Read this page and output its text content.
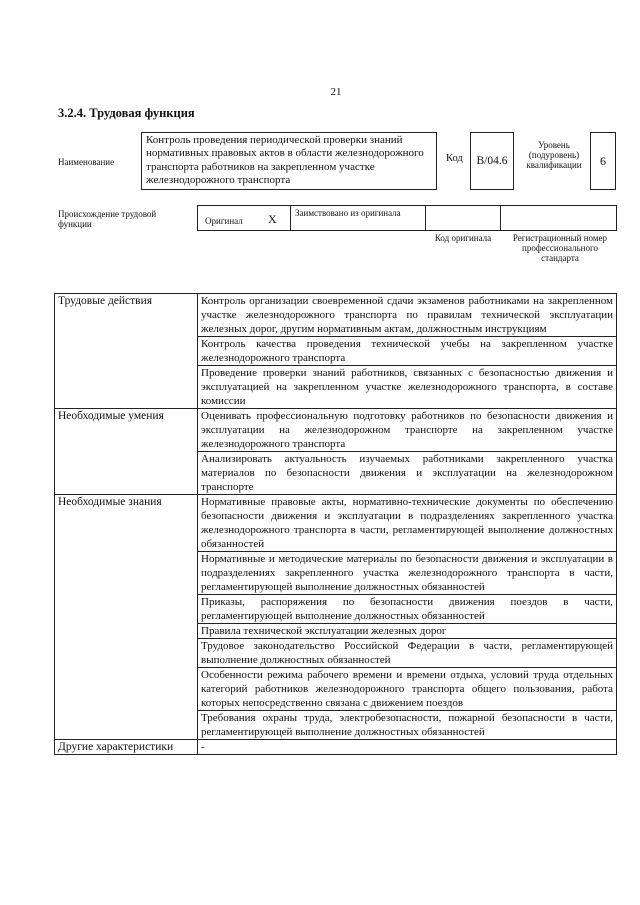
21
3.2.4. Трудовая функция
Наименование
Контроль проведения периодической проверки знаний нормативных правовых актов в области железнодорожного транспорта работников на закрепленном участке железнодорожного транспорта
Код В/04.6
Уровень (подуровень) квалификации	6
Происхождение трудовой функции	Оригинал X Заимствовано из оригинала
Код оригинала	Регистрационный номер профессионального стандарта
Трудовые действия	Контроль организации своевременной сдачи экзаменов работниками на закрепленном участке железнодорожного транспорта по правилам технической эксплуатации железных дорог, другим нормативным актам, должностным инструкциям
	Контроль качества проведения технической учебы на закрепленном участке железнодорожного транспорта
	Проведение проверки знаний работников, связанных с безопасностью движения и эксплуатацией на закрепленном участке железнодорожного транспорта, в составе комиссии
Необходимые умения	Оценивать профессиональную подготовку работников по безопасности движения и эксплуатации на железнодорожном транспорте на закрепленном участке железнодорожного транспорта
	Анализировать актуальность изучаемых работниками закрепленного участка материалов по безопасности движения и эксплуатации на железнодорожном транспорте
Необходимые знания	Нормативные правовые акты, нормативно-технические документы по обеспечению безопасности движения и эксплуатации в подразделениях закрепленного участка железнодорожного транспорта в части, регламентирующей выполнение должностных обязанностей
	Нормативные и методические материалы по безопасности движения и эксплуатации в подразделениях закрепленного участка железнодорожного транспорта в части, регламентирующей выполнение должностных обязанностей
	Приказы, распоряжения по безопасности движения поездов в части, регламентирующей выполнение должностных обязанностей
	Правила технической эксплуатации железных дорог
	Трудовое законодательство Российской Федерации в части, регламентирующей выполнение должностных обязанностей
	Особенности режима рабочего времени и времени отдыха, условий труда отдельных категорий работников железнодорожного транспорта общего пользования, работа которых непосредственно связана с движением поездов
	Требования охраны труда, электробезопасности, пожарной безопасности в части, регламентирующей выполнение должностных обязанностей
Другие характеристики	-
